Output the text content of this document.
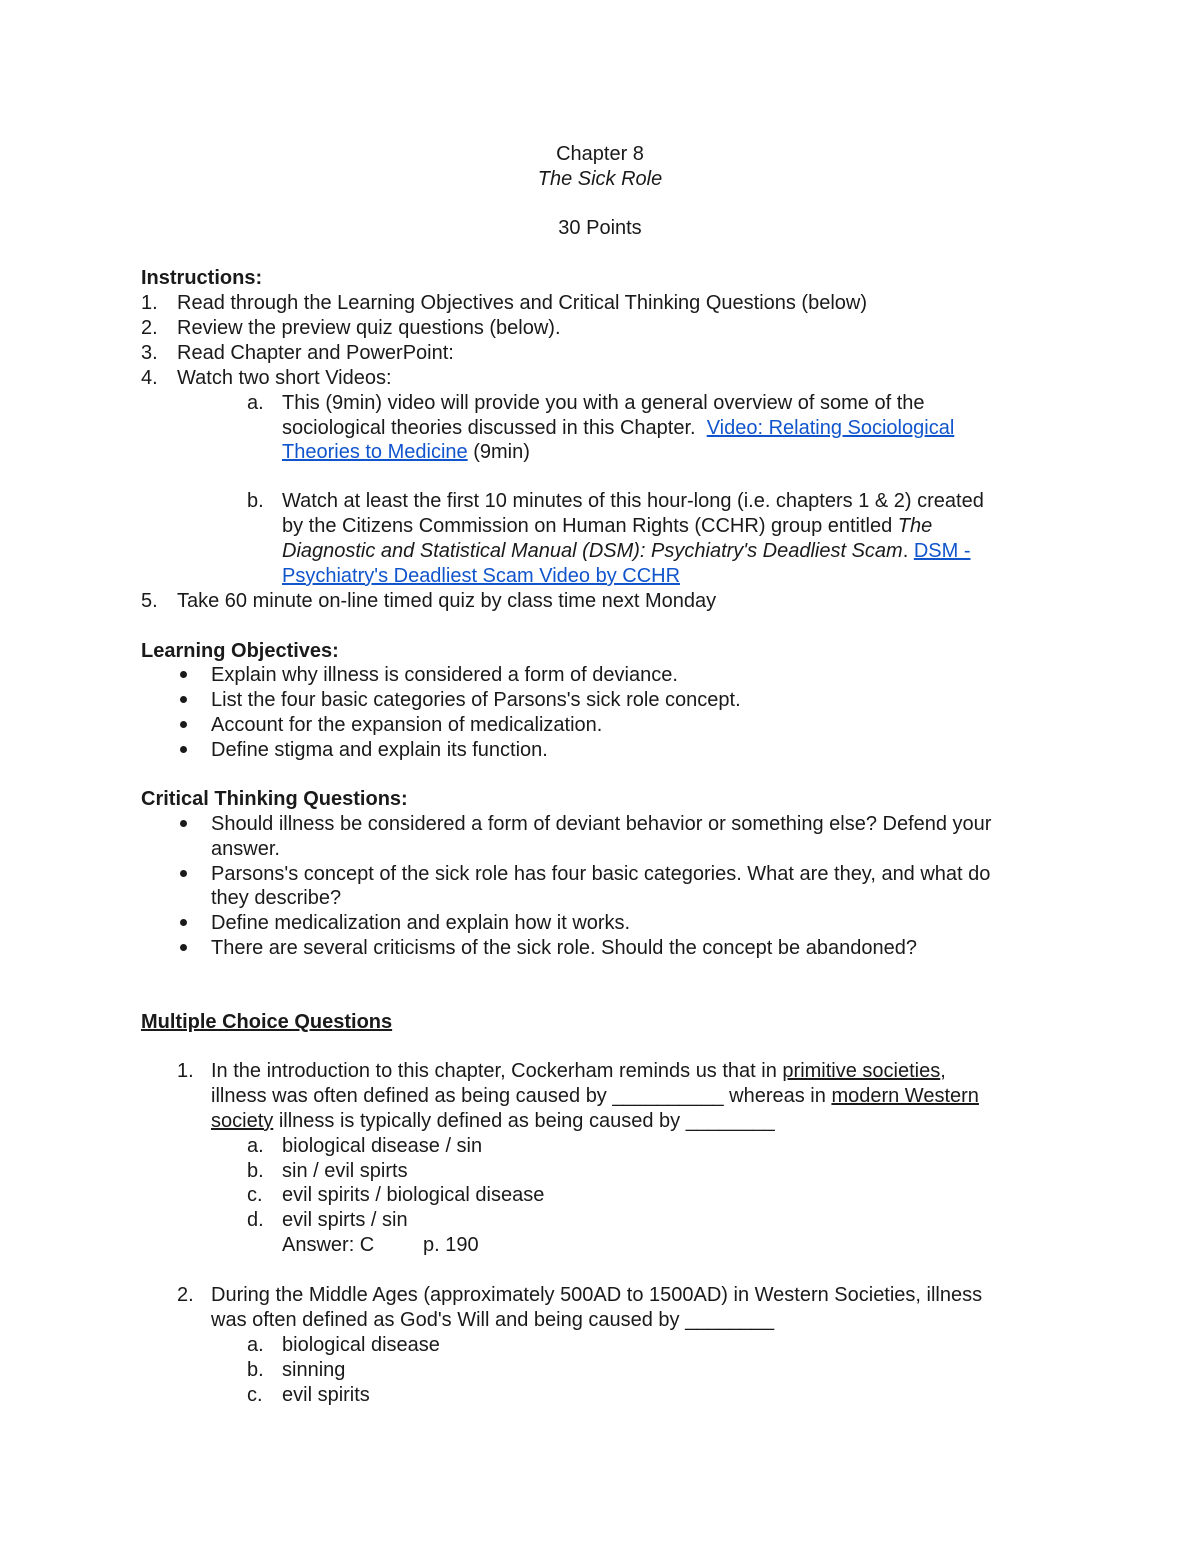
Chapter 8
The Sick Role
30 Points
Instructions:
1. Read through the Learning Objectives and Critical Thinking Questions (below)
2. Review the preview quiz questions (below).
3. Read Chapter and PowerPoint:
4. Watch two short Videos:
a. This (9min) video will provide you with a general overview of some of the
sociological theories discussed in this Chapter. Video: Relating Sociological
Theories to Medicine (9min)
b. Watch at least the first 10 minutes of this hour-long (i.e. chapters 1 & 2) created
by the Citizens Commission on Human Rights (CCHR) group entitled The
Diagnostic and Statistical Manual (DSM): Psychiatry's Deadliest Scam. DSM -
Psychiatry's Deadliest Scam Video by CCHR
5. Take 60 minute on-line timed quiz by class time next Monday
Learning Objectives:
Explain why illness is considered a form of deviance.
List the four basic categories of Parsons's sick role concept.
Account for the expansion of medicalization.
Define stigma and explain its function.
Critical Thinking Questions:
Should illness be considered a form of deviant behavior or something else? Defend your
answer.
Parsons's concept of the sick role has four basic categories. What are they, and what do
they describe?
Define medicalization and explain how it works.
There are several criticisms of the sick role. Should the concept be abandoned?
Multiple Choice Questions
1. In the introduction to this chapter, Cockerham reminds us that in primitive societies,
illness was often defined as being caused by __________ whereas in modern Western
society illness is typically defined as being caused by ________
a. biological disease / sin
b. sin / evil spirts
c. evil spirits / biological disease
d. evil spirts / sin
Answer: C p. 190
2. During the Middle Ages (approximately 500AD to 1500AD) in Western Societies, illness
was often defined as God's Will and being caused by ________
a. biological disease
b. sinning
c. evil spirits
